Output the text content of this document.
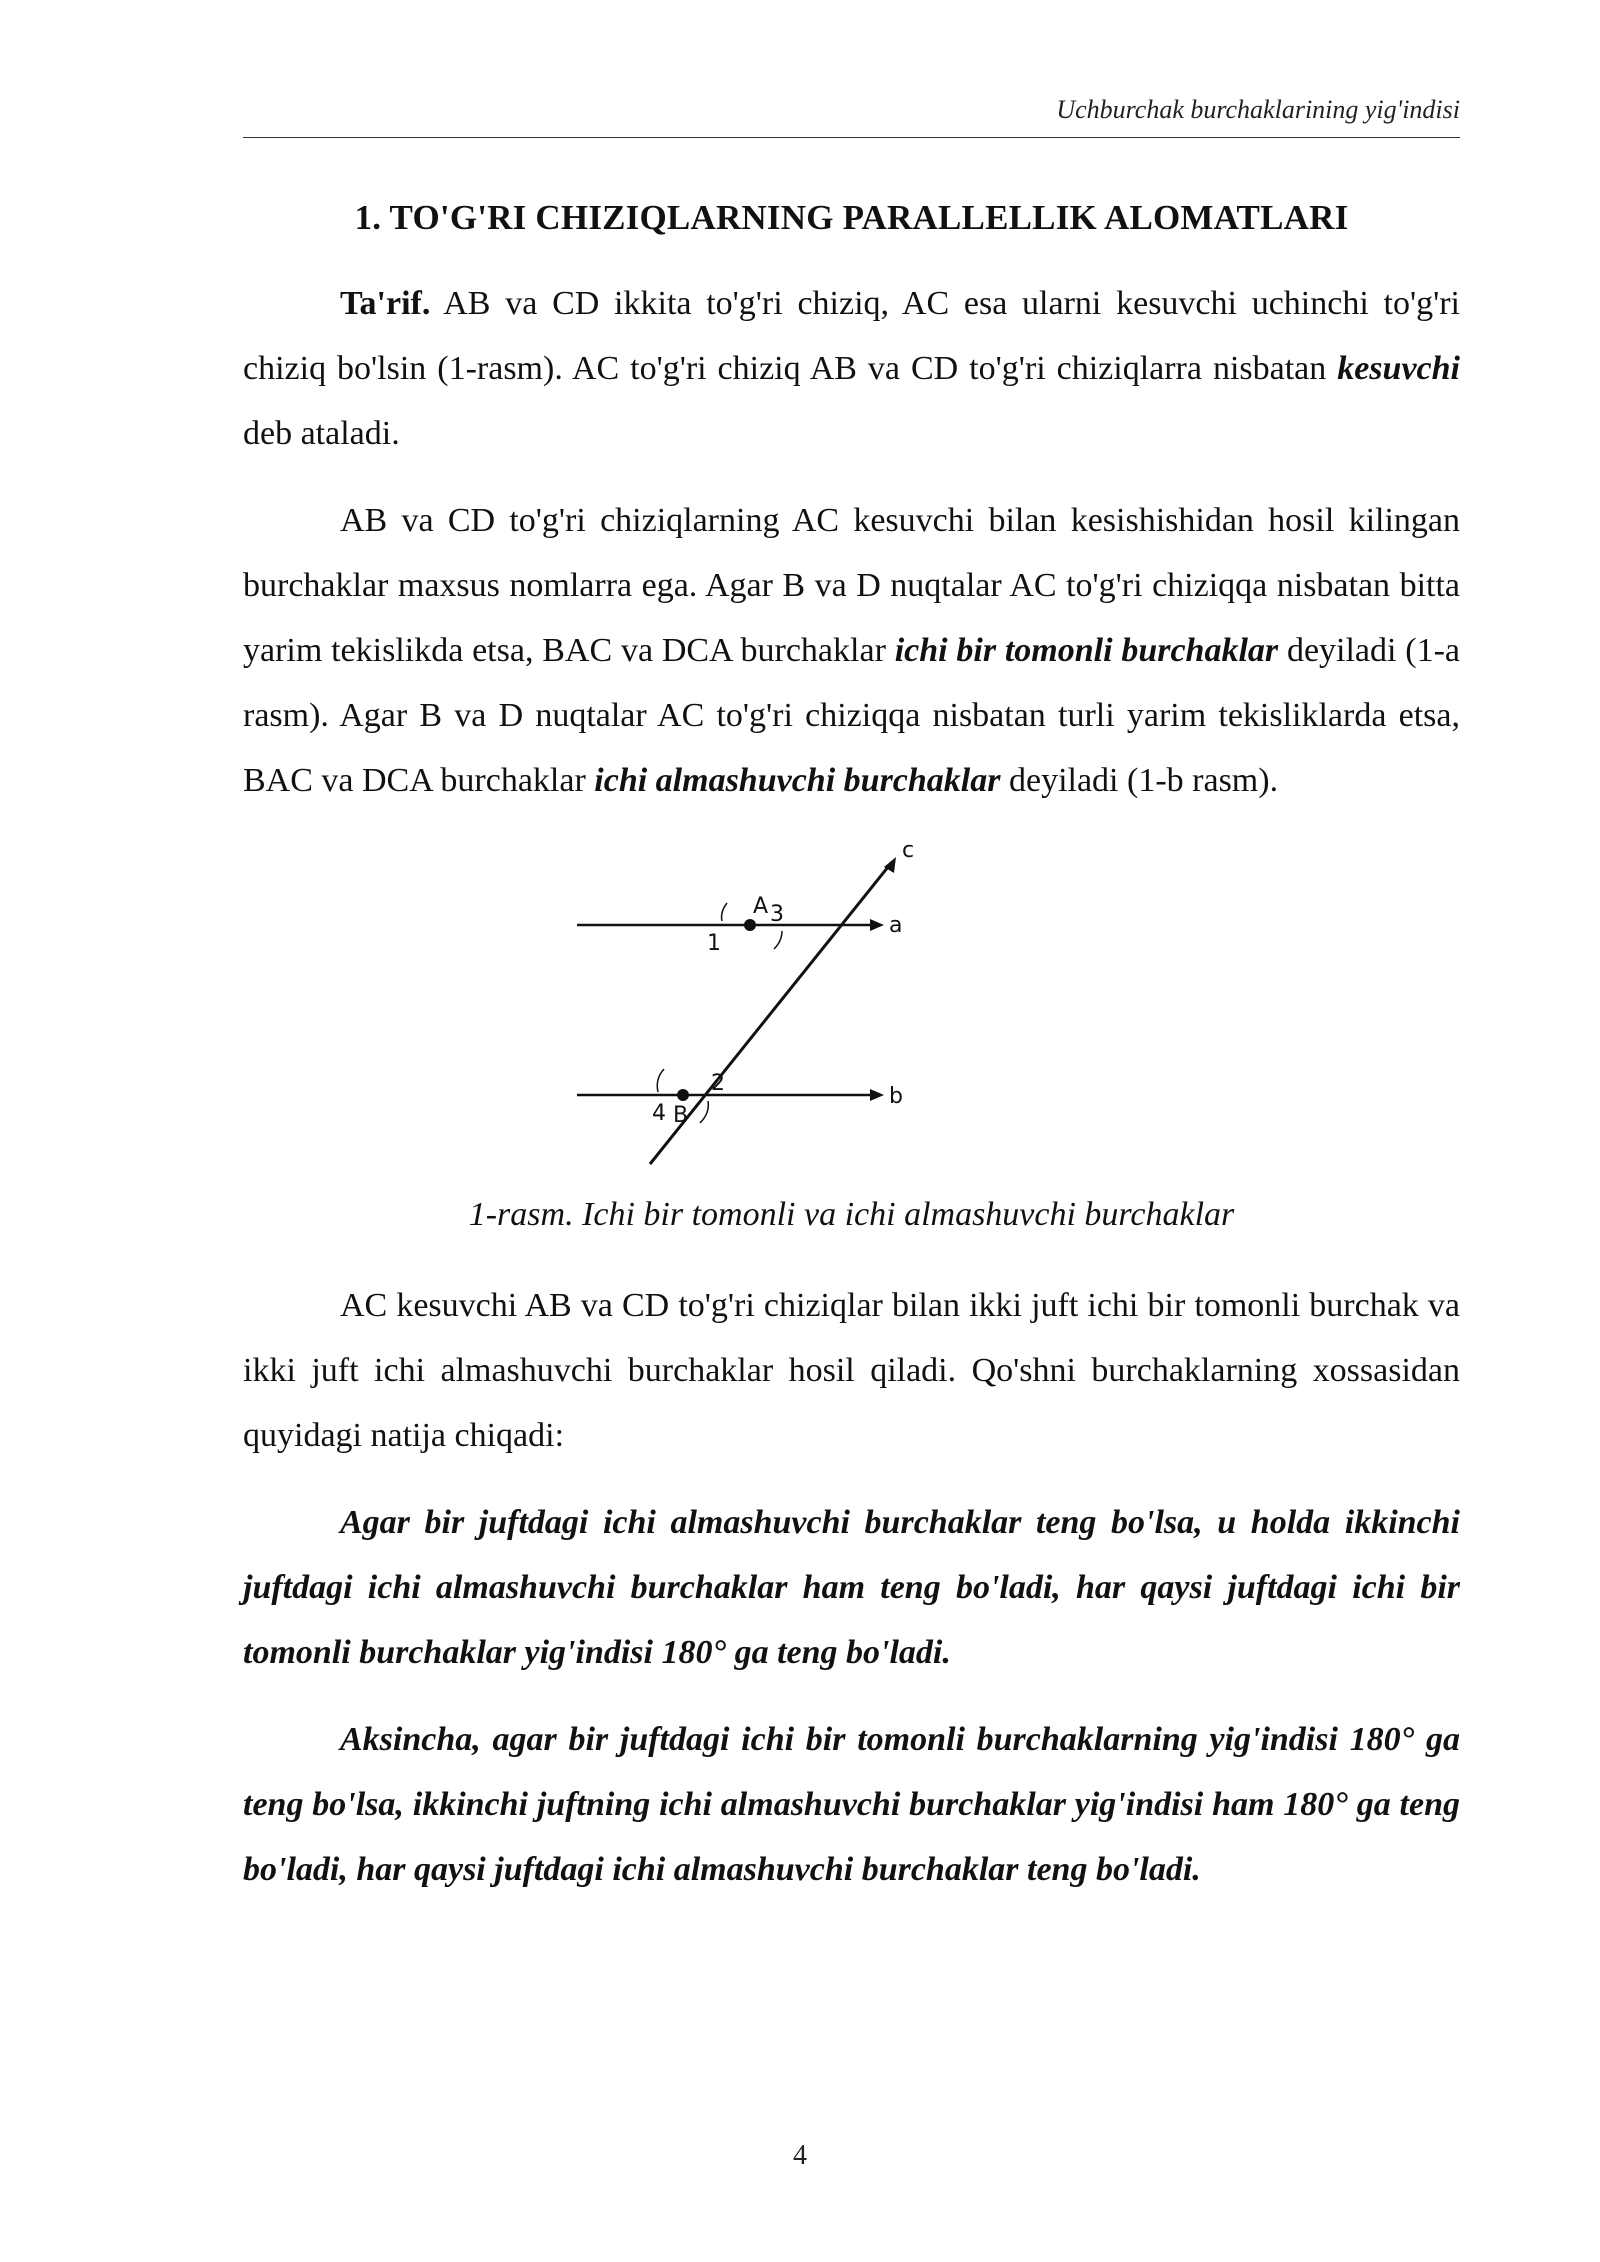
Uchburchak burchaklarining yig'indisi
1. TO'G'RI CHIZIQLARNING PARALLELLIK ALOMATLARI

Ta'rif. AB va CD ikkita to'g'ri chiziq, AC esa ularni kesuvchi uchinchi to'g'ri chiziq bo'lsin (1-rasm). AC to'g'ri chiziq AB va CD to'g'ri chiziqlarra nisbatan kesuvchi deb ataladi.

AB va CD to'g'ri chiziqlarning AC kesuvchi bilan kesishishidan hosil kilingan burchaklar maxsus nomlarra ega. Agar B va D nuqtalar AC to'g'ri chiziqqa nisbatan bitta yarim tekislikda etsa, BAC va DCA burchaklar ichi bir tomonli burchaklar deyiladi (1-a rasm). Agar B va D nuqtalar AC to'g'ri chiziqqa nisbatan turli yarim tekisliklarda etsa, BAC va DCA burchaklar ichi almashuvchi burchaklar deyiladi (1-b rasm).

c
a
b
A
B
1
2
3
4
1-rasm. Ichi bir tomonli va ichi almashuvchi burchaklar

AC kesuvchi AB va CD to'g'ri chiziqlar bilan ikki juft ichi bir tomonli burchak va ikki juft ichi almashuvchi burchaklar hosil qiladi. Qo'shni burchaklarning xossasidan quyidagi natija chiqadi:

Agar bir juftdagi ichi almashuvchi burchaklar teng bo'lsa, u holda ikkinchi juftdagi ichi almashuvchi burchaklar ham teng bo'ladi, har qaysi juftdagi ichi bir tomonli burchaklar yig'indisi 180° ga teng bo'ladi.

Aksincha, agar bir juftdagi ichi bir tomonli burchaklarning yig'indisi 180° ga teng bo'lsa, ikkinchi juftning ichi almashuvchi burchaklar yig'indisi ham 180° ga teng bo'ladi, har qaysi juftdagi ichi almashuvchi burchaklar teng bo'ladi.

4
